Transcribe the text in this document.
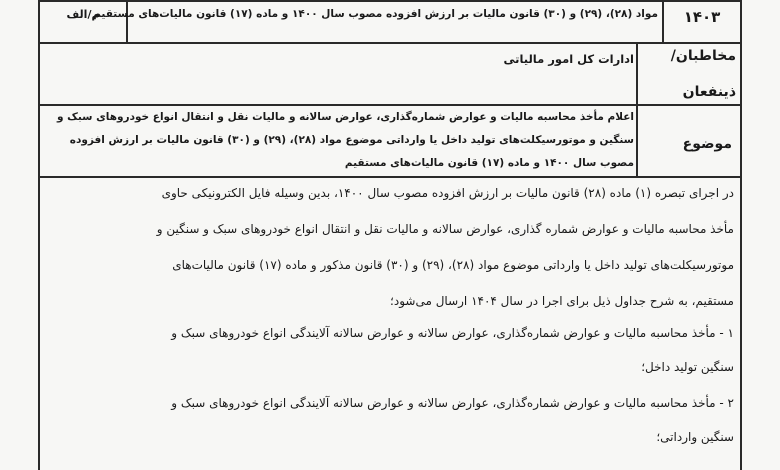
۱۴۰۳
مواد (۲۸)، (۲۹) و (۳۰) قانون مالیات بر ارزش افزوده مصوب سال ۱۴۰۰ و ماده (۱۷) قانون مالیات‌های مستقیم
م/الف
مخاطبان/
ذینفعان
ادارات کل امور مالیاتی
موضوع
اعلام مأخذ محاسبه مالیات و عوارض شماره‌گذاری، عوارض سالانه و مالیات نقل و انتقال انواع خودروهای سبک و
سنگین و موتورسیکلت‌های تولید داخل یا وارداتی موضوع مواد (۲۸)، (۲۹) و (۳۰) قانون مالیات بر ارزش افزوده
مصوب سال ۱۴۰۰ و ماده (۱۷) قانون مالیات‌های مستقیم
در اجرای تبصره (۱) ماده (۲۸) قانون مالیات بر ارزش افزوده مصوب سال ۱۴۰۰، بدین وسیله فایل الکترونیکی حاوی
مأخذ محاسبه مالیات و عوارض شماره گذاری، عوارض سالانه و مالیات نقل و انتقال انواع خودروهای سبک و سنگین و
موتورسیکلت‌های تولید داخل یا وارداتی موضوع مواد (۲۸)، (۲۹) و (۳۰) قانون مذکور و ماده (۱۷) قانون مالیات‌های
مستقیم، به شرح جداول ذیل برای اجرا در سال ۱۴۰۴ ارسال می‌شود؛
۱ - مأخذ محاسبه مالیات و عوارض شماره‌گذاری، عوارض سالانه و عوارض سالانه آلایندگی انواع خودروهای سبک و
سنگین تولید داخل؛
۲ - مأخذ محاسبه مالیات و عوارض شماره‌گذاری، عوارض سالانه و عوارض سالانه آلایندگی انواع خودروهای سبک و
سنگین وارداتی؛
